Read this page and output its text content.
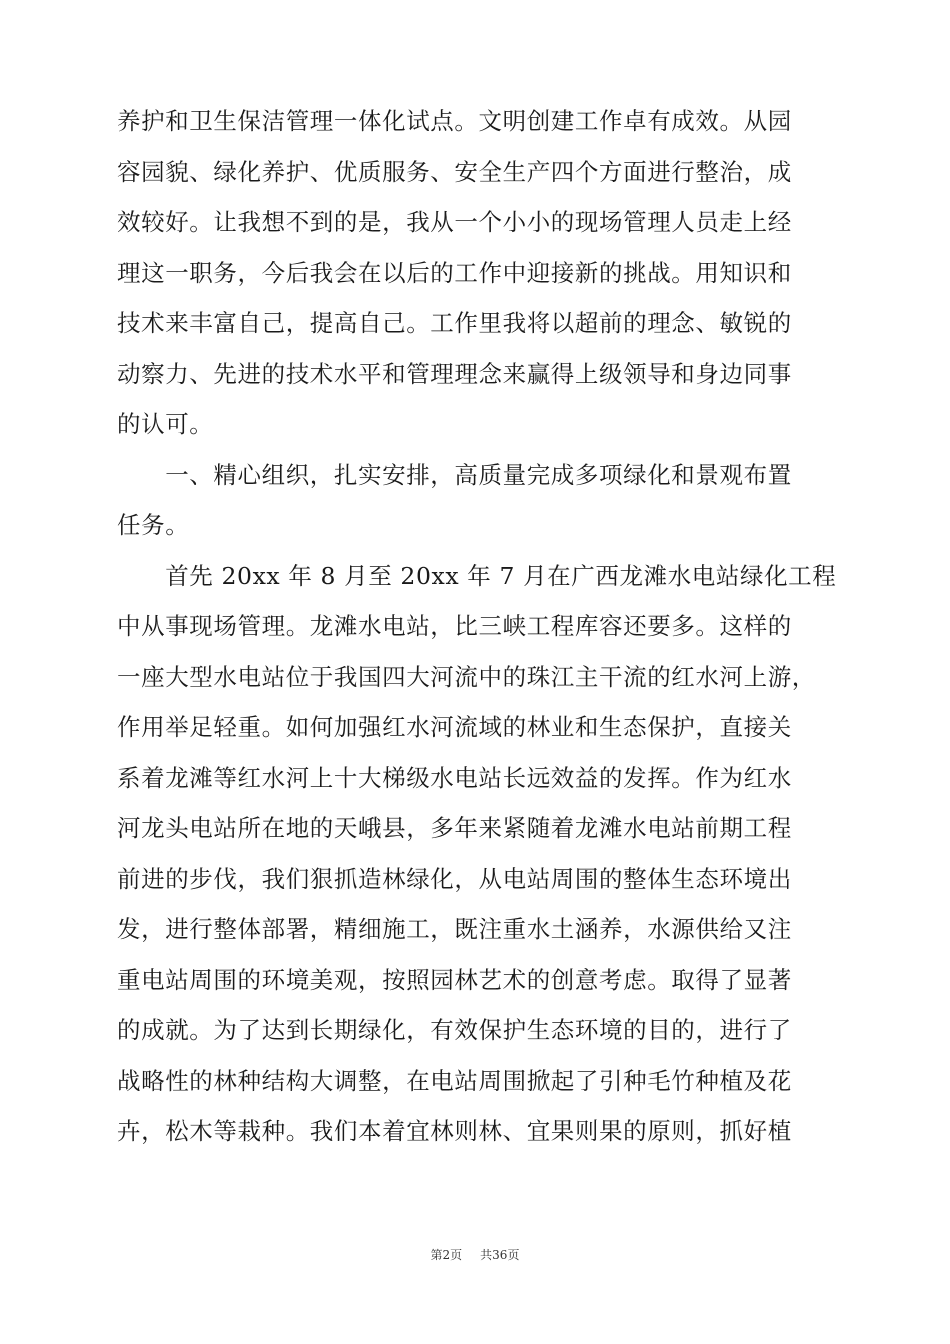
养护和卫生保洁管理一体化试点。文明创建工作卓有成效。从园
容园貌、绿化养护、优质服务、安全生产四个方面进行整治，成
效较好。让我想不到的是，我从一个小小的现场管理人员走上经
理这一职务，今后我会在以后的工作中迎接新的挑战。用知识和
技术来丰富自己，提高自己。工作里我将以超前的理念、敏锐的
动察力、先进的技术水平和管理理念来赢得上级领导和身边同事
的认可。
　　一、精心组织，扎实安排，高质量完成多项绿化和景观布置
任务。
　　首先 20xx 年 8 月至 20xx 年 7 月在广西龙滩水电站绿化工程
中从事现场管理。龙滩水电站，比三峡工程库容还要多。这样的
一座大型水电站位于我国四大河流中的珠江主干流的红水河上游，
作用举足轻重。如何加强红水河流域的林业和生态保护，直接关
系着龙滩等红水河上十大梯级水电站长远效益的发挥。作为红水
河龙头电站所在地的天峨县，多年来紧随着龙滩水电站前期工程
前进的步伐，我们狠抓造林绿化，从电站周围的整体生态环境出
发，进行整体部署，精细施工，既注重水土涵养，水源供给又注
重电站周围的环境美观，按照园林艺术的创意考虑。取得了显著
的成就。为了达到长期绿化，有效保护生态环境的目的，进行了
战略性的林种结构大调整，在电站周围掀起了引种毛竹种植及花
卉，松木等栽种。我们本着宜林则林、宜果则果的原则，抓好植
第2页 共36页
